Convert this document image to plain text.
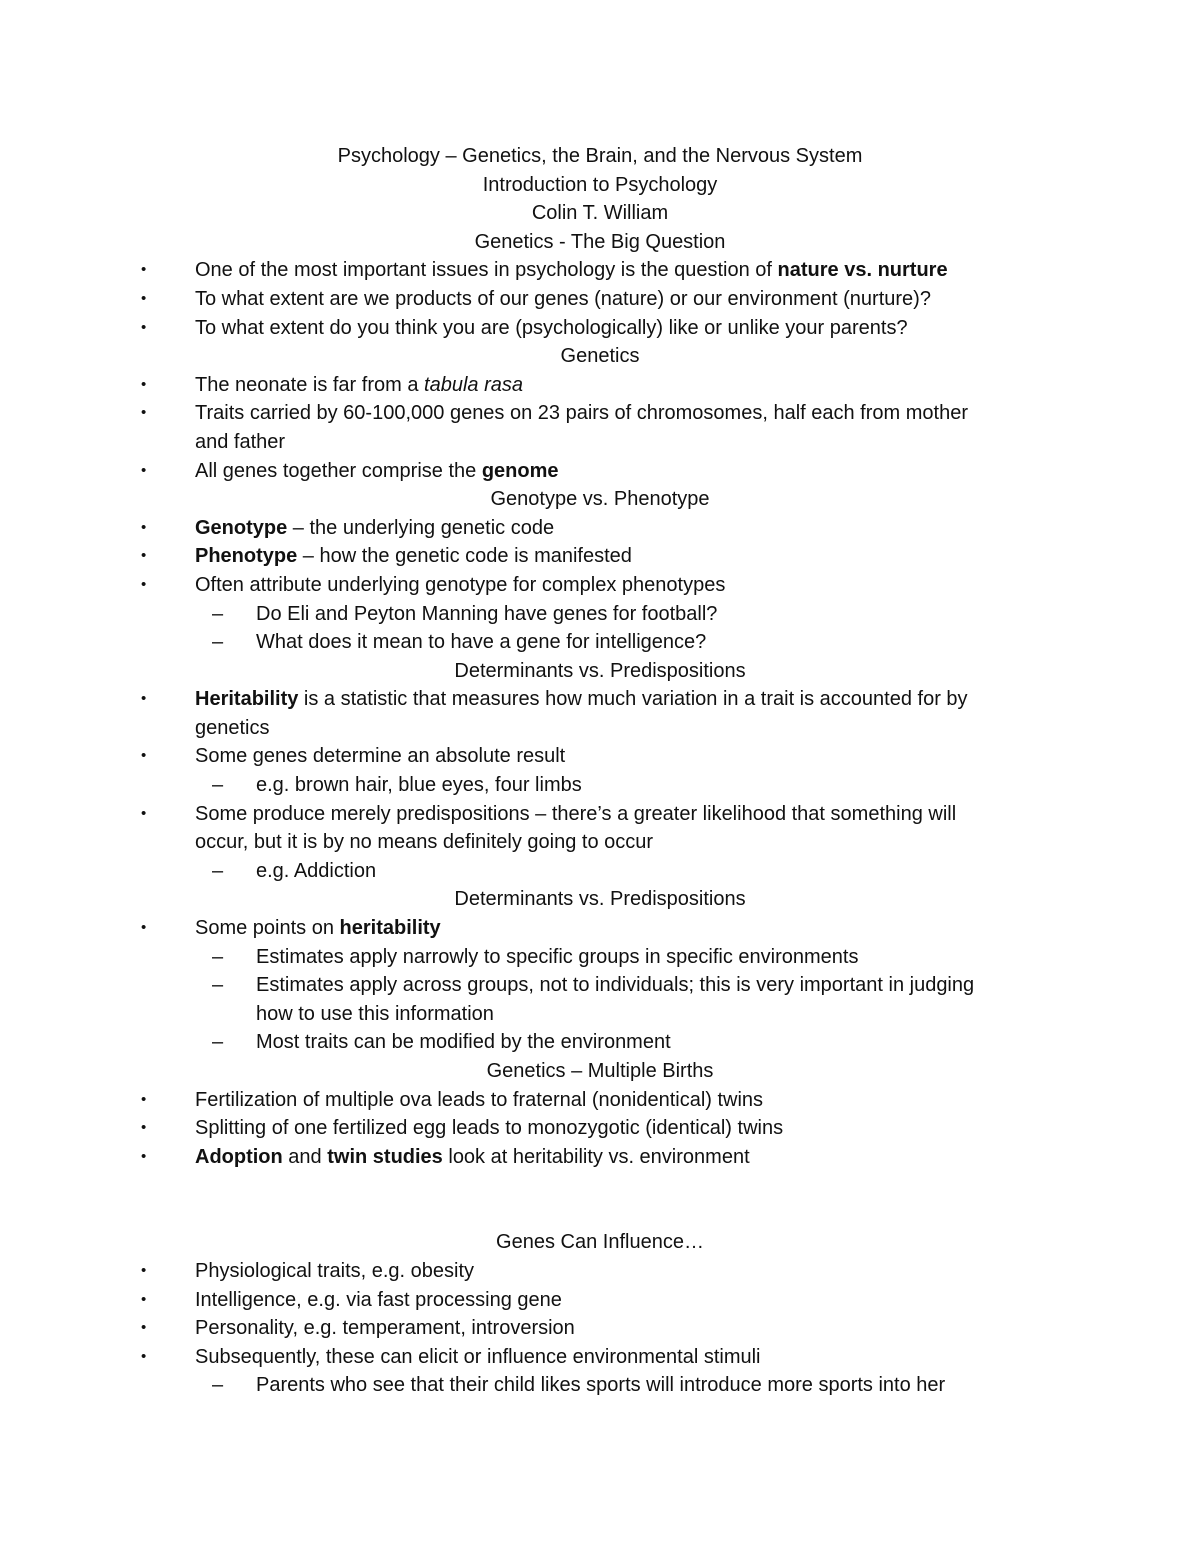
Psychology – Genetics, the Brain, and the Nervous System
Introduction to Psychology
Colin T. William
Genetics - The Big Question
• One of the most important issues in psychology is the question of nature vs. nurture
• To what extent are we products of our genes (nature) or our environment (nurture)?
• To what extent do you think you are (psychologically) like or unlike your parents?
Genetics
• The neonate is far from a tabula rasa
• Traits carried by 60-100,000 genes on 23 pairs of chromosomes, half each from mother
and father
• All genes together comprise the genome
Genotype vs. Phenotype
• Genotype – the underlying genetic code
• Phenotype – how the genetic code is manifested
• Often attribute underlying genotype for complex phenotypes
– Do Eli and Peyton Manning have genes for football?
– What does it mean to have a gene for intelligence?
Determinants vs. Predispositions
• Heritability is a statistic that measures how much variation in a trait is accounted for by
genetics
• Some genes determine an absolute result
– e.g. brown hair, blue eyes, four limbs
• Some produce merely predispositions – there’s a greater likelihood that something will
occur, but it is by no means definitely going to occur
– e.g. Addiction
Determinants vs. Predispositions
• Some points on heritability
– Estimates apply narrowly to specific groups in specific environments
– Estimates apply across groups, not to individuals; this is very important in judging
how to use this information
– Most traits can be modified by the environment
Genetics – Multiple Births
• Fertilization of multiple ova leads to fraternal (nonidentical) twins
• Splitting of one fertilized egg leads to monozygotic (identical) twins
• Adoption and twin studies look at heritability vs. environment
Genes Can Influence…
• Physiological traits, e.g. obesity
• Intelligence, e.g. via fast processing gene
• Personality, e.g. temperament, introversion
• Subsequently, these can elicit or influence environmental stimuli
– Parents who see that their child likes sports will introduce more sports into her
